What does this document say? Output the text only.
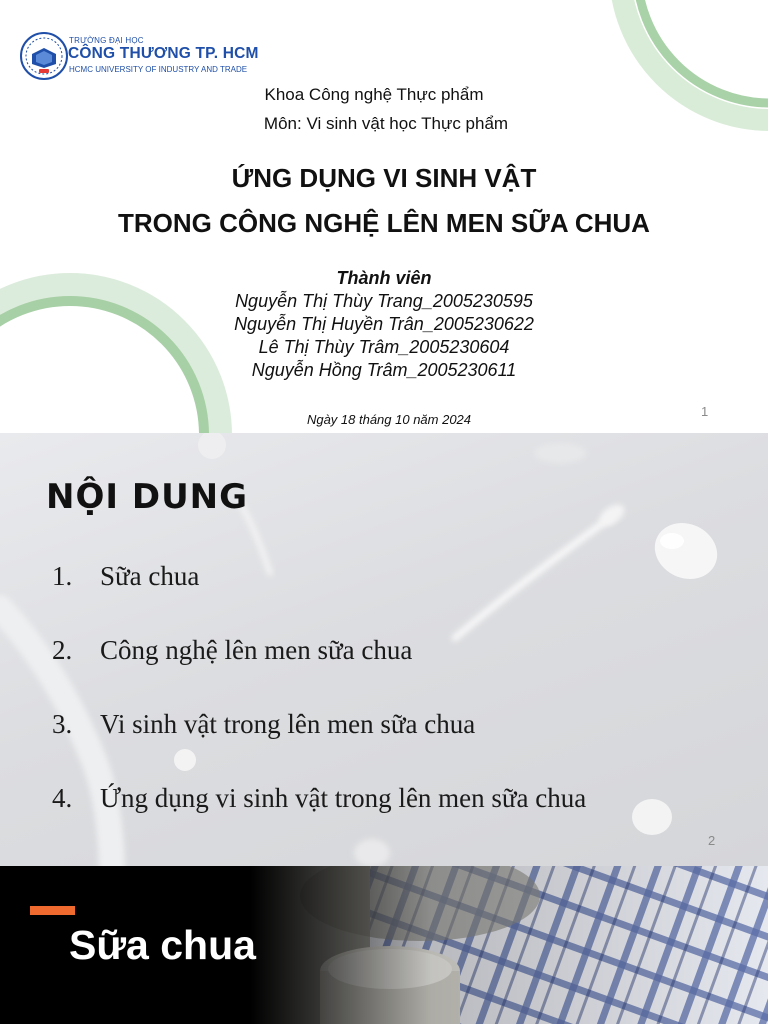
TRƯỜNG ĐẠI HỌC
CÔNG THƯƠNG TP. HCM
HCMC UNIVERSITY OF INDUSTRY AND TRADE
Khoa Công nghệ Thực phẩm
Môn: Vi sinh vật học Thực phẩm
ỨNG DỤNG VI SINH VẬT
TRONG CÔNG NGHỆ LÊN MEN SỮA CHUA
Thành viên
Nguyễn Thị Thùy Trang_2005230595
Nguyễn Thị Huyền Trân_2005230622
Lê Thị Thùy Trâm_2005230604
Nguyễn Hồng Trâm_2005230611
Ngày 18 tháng 10 năm 2024
1
NỘI DUNG
1.	Sữa chua
2.	Công nghệ lên men sữa chua
3.	Vi sinh vật trong lên men sữa chua
4.	Ứng dụng vi sinh vật trong lên men sữa chua
2
Sữa chua
